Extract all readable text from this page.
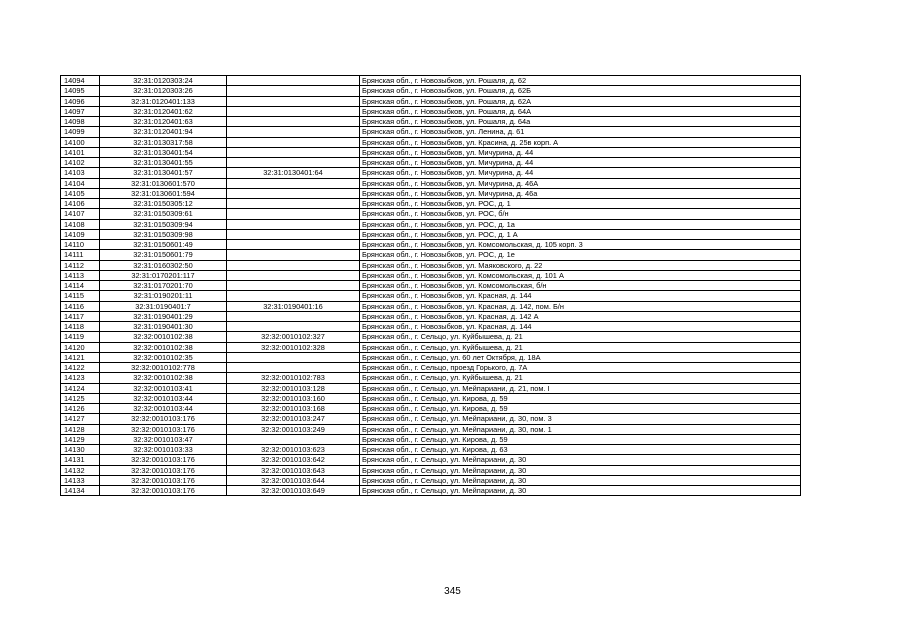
14094	32:31:0120303:24		Брянская обл., г. Новозыбков, ул. Рошаля, д. 62
14095	32:31:0120303:26		Брянская обл., г. Новозыбков, ул. Рошаля, д. 62Б
14096	32:31:0120401:133		Брянская обл., г. Новозыбков, ул. Рошаля, д. 62А
14097	32:31:0120401:62		Брянская обл., г. Новозыбков, ул. Рошаля, д. 64А
14098	32:31:0120401:63		Брянская обл., г. Новозыбков, ул. Рошаля, д. 64а
14099	32:31:0120401:94		Брянская обл., г. Новозыбков, ул. Ленина, д. 61
14100	32:31:0130317:58		Брянская обл., г. Новозыбков, ул. Красина, д. 25в корп. А
14101	32:31:0130401:54		Брянская обл., г. Новозыбков, ул. Мичурина, д. 44
14102	32:31:0130401:55		Брянская обл., г. Новозыбков, ул. Мичурина, д. 44
14103	32:31:0130401:57	32:31:0130401:64	Брянская обл., г. Новозыбков, ул. Мичурина, д. 44
14104	32:31:0130601:570		Брянская обл., г. Новозыбков, ул. Мичурина, д. 46А
14105	32:31:0130601:594		Брянская обл., г. Новозыбков, ул. Мичурина, д. 46а
14106	32:31:0150305:12		Брянская обл., г. Новозыбков, ул. РОС, д. 1
14107	32:31:0150309:61		Брянская обл., г. Новозыбков, ул. РОС, б/н
14108	32:31:0150309:94		Брянская обл., г. Новозыбков, ул. РОС, д. 1а
14109	32:31:0150309:98		Брянская обл., г. Новозыбков, ул. РОС, д. 1 А
14110	32:31:0150601:49		Брянская обл., г. Новозыбков, ул. Комсомольская, д. 105 корп. 3
14111	32:31:0150601:79		Брянская обл., г. Новозыбков, ул. РОС, д. 1е
14112	32:31:0160302:50		Брянская обл., г. Новозыбков, ул. Маяковского, д. 22
14113	32:31:0170201:117		Брянская обл., г. Новозыбков, ул. Комсомольская, д. 101 А
14114	32:31:0170201:70		Брянская обл., г. Новозыбков, ул. Комсомольская, б/н
14115	32:31:0190201:11		Брянская обл., г. Новозыбков, ул. Красная, д. 144
14116	32:31:0190401:7	32:31:0190401:16	Брянская обл., г. Новозыбков, ул. Красная, д. 142, пом. Б/н
14117	32:31:0190401:29		Брянская обл., г. Новозыбков, ул. Красная, д. 142 А
14118	32:31:0190401:30		Брянская обл., г. Новозыбков, ул. Красная, д. 144
14119	32:32:0010102:38	32:32:0010102:327	Брянская обл., г. Сельцо, ул. Куйбышева, д. 21
14120	32:32:0010102:38	32:32:0010102:328	Брянская обл., г. Сельцо, ул. Куйбышева, д. 21
14121	32:32:0010102:35		Брянская обл., г. Сельцо, ул. 60 лет Октября, д. 18А
14122	32:32:0010102:778		Брянская обл., г. Сельцо, проезд Горького, д. 7А
14123	32:32:0010102:38	32:32:0010102:783	Брянская обл., г. Сельцо, ул. Куйбышева, д. 21
14124	32:32:0010103:41	32:32:0010103:128	Брянская обл., г. Сельцо, ул. Мейпариани, д. 21, пом. I
14125	32:32:0010103:44	32:32:0010103:160	Брянская обл., г. Сельцо, ул. Кирова, д. 59
14126	32:32:0010103:44	32:32:0010103:168	Брянская обл., г. Сельцо, ул. Кирова, д. 59
14127	32:32:0010103:176	32:32:0010103:247	Брянская обл., г. Сельцо, ул. Мейпариани, д. 30, пом. 3
14128	32:32:0010103:176	32:32:0010103:249	Брянская обл., г. Сельцо, ул. Мейпариани, д. 30, пом. 1
14129	32:32:0010103:47		Брянская обл., г. Сельцо, ул. Кирова, д. 59
14130	32:32:0010103:33	32:32:0010103:623	Брянская обл., г. Сельцо, ул. Кирова, д. 63
14131	32:32:0010103:176	32:32:0010103:642	Брянская обл., г. Сельцо, ул. Мейпариани, д. 30
14132	32:32:0010103:176	32:32:0010103:643	Брянская обл., г. Сельцо, ул. Мейпариани, д. 30
14133	32:32:0010103:176	32:32:0010103:644	Брянская обл., г. Сельцо, ул. Мейпариани, д. 30
14134	32:32:0010103:176	32:32:0010103:649	Брянская обл., г. Сельцо, ул. Мейпариани, д. 30
345
